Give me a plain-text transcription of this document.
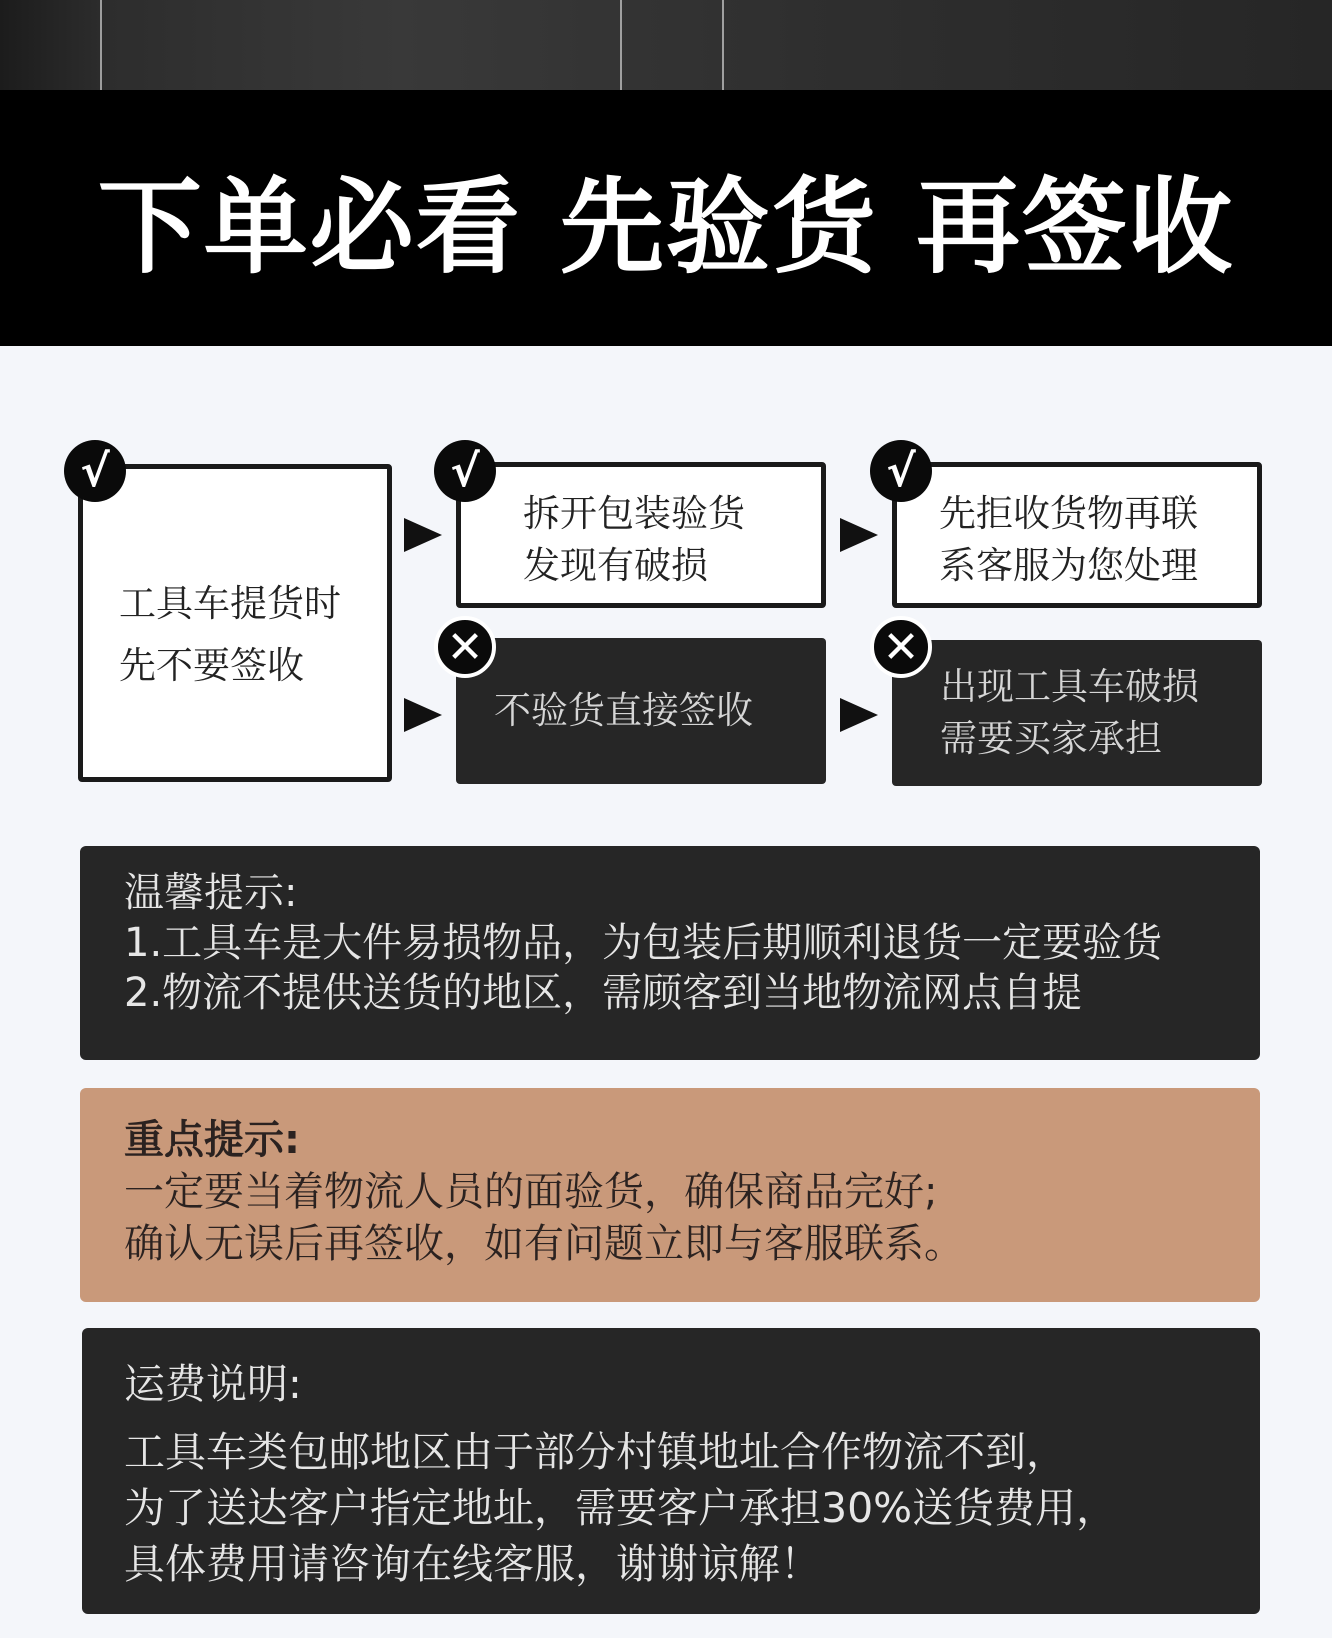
下单必看 先验货 再签收
工具车提货时
先不要签收
√
拆开包装验货
发现有破损
√
不验货直接签收
✕
先拒收货物再联
系客服为您处理
√
出现工具车破损
需要买家承担
✕
温馨提示:
1.工具车是大件易损物品，为包装后期顺利退货一定要验货
2.物流不提供送货的地区，需顾客到当地物流网点自提
重点提示:
一定要当着物流人员的面验货，确保商品完好;
确认无误后再签收，如有问题立即与客服联系。
运费说明:
工具车类包邮地区由于部分村镇地址合作物流不到，
为了送达客户指定地址，需要客户承担30%送货费用，
具体费用请咨询在线客服，谢谢谅解！
